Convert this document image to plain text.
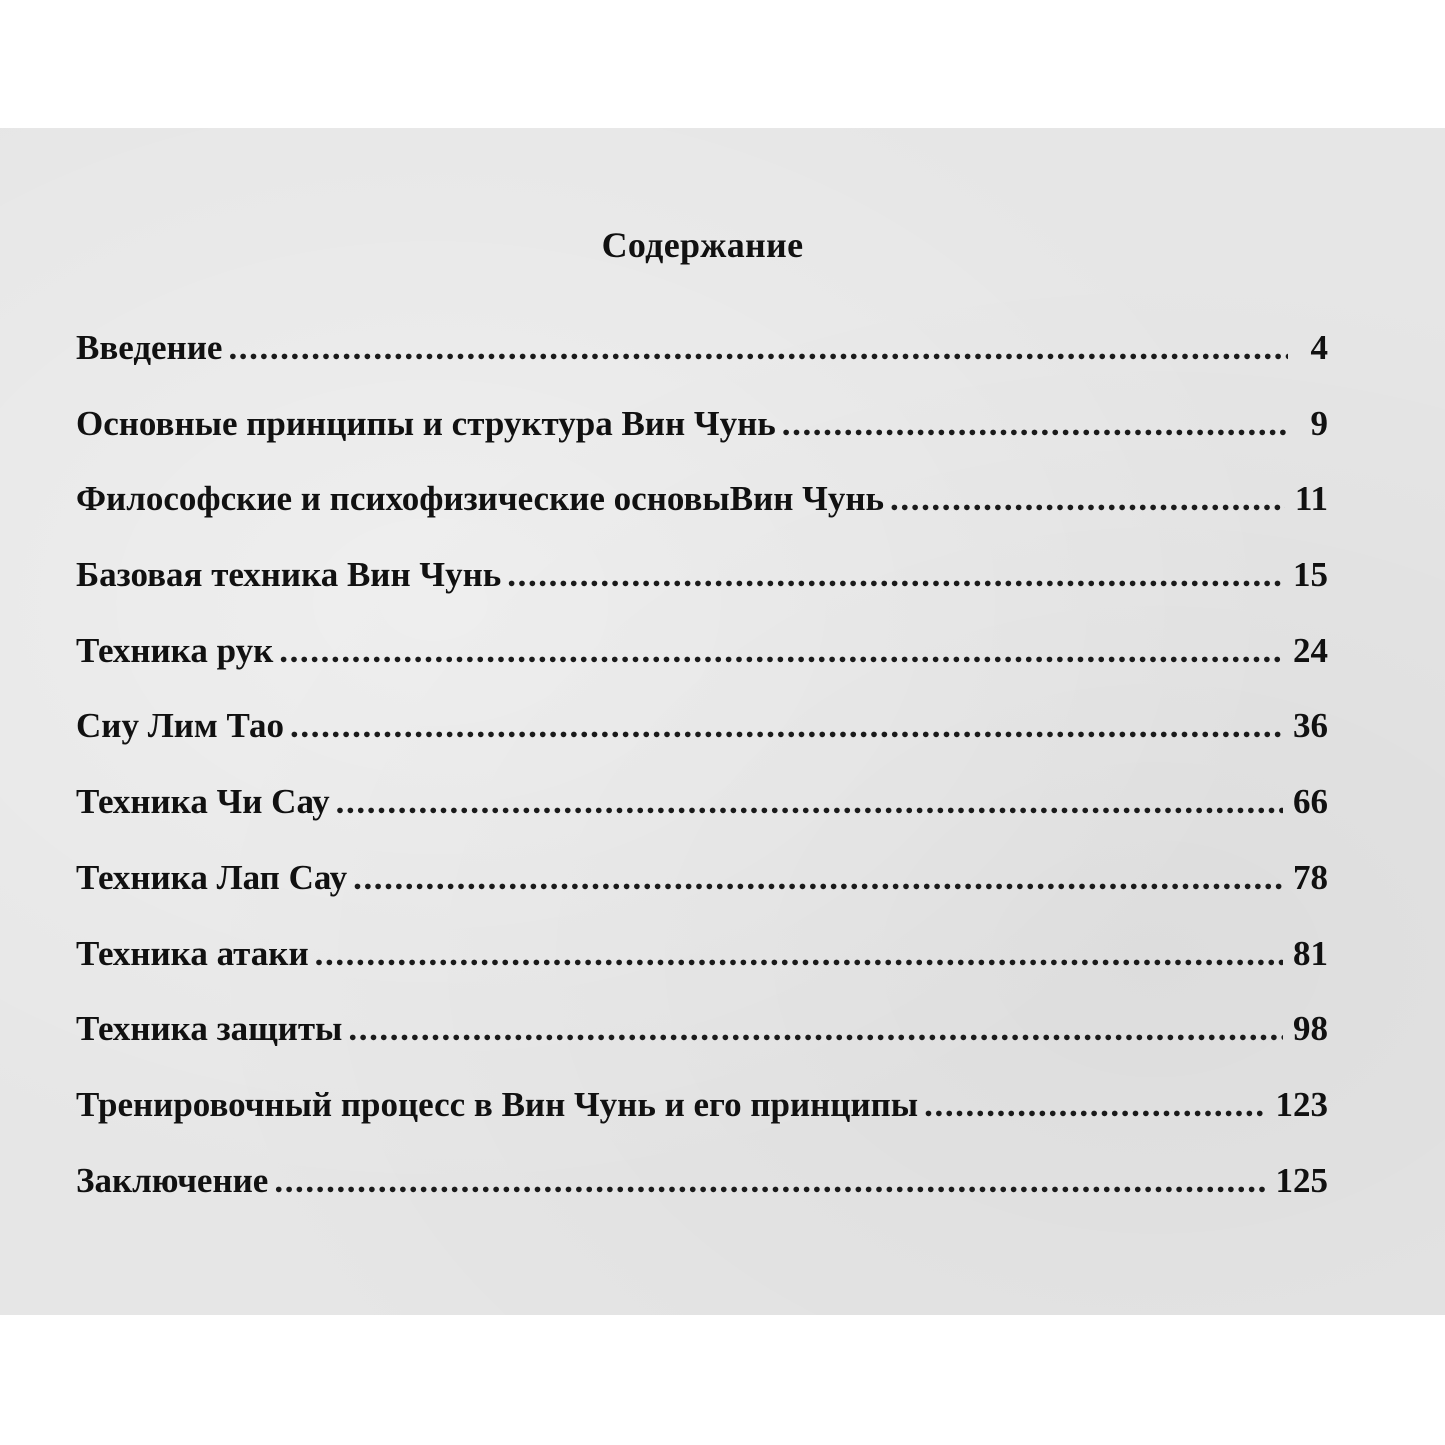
Содержание
Введение .....	4
Основные принципы и структура Вин Чунь .....	9
Философские и психофизические основыВин Чунь .....	11
Базовая техника Вин Чунь .....	15
Техника рук .....	24
Сиу Лим Тао .....	36
Техника Чи Сау .....	66
Техника Лап Сау .....	78
Техника атаки .....	81
Техника защиты .....	98
Тренировочный процесс в Вин Чунь и его принципы .....	123
Заключение .....	125
